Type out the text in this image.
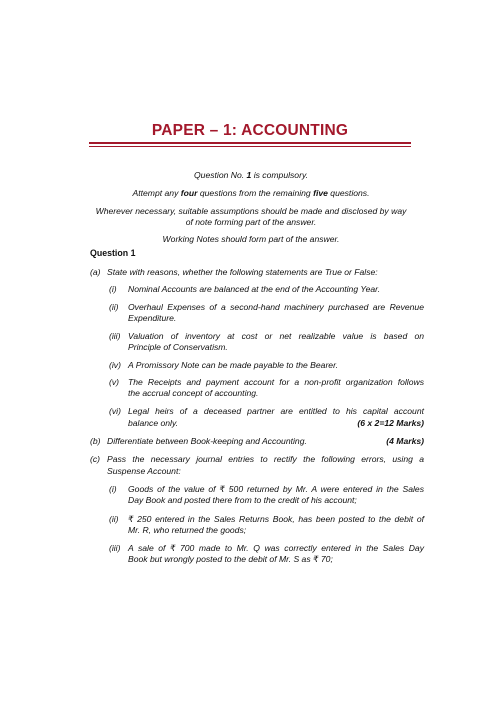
PAPER – 1: ACCOUNTING
Question No. 1 is compulsory.
Attempt any four questions from the remaining five questions.
Wherever necessary, suitable assumptions should be made and disclosed by way
of note forming part of the answer.
Working Notes should form part of the answer.
Question 1
(a) State with reasons, whether the following statements are True or False:
(i) Nominal Accounts are balanced at the end of the Accounting Year.
(ii) Overhaul Expenses of a second-hand machinery purchased are Revenue
Expenditure.
(iii) Valuation of inventory at cost or net realizable value is based on
Principle of Conservatism.
(iv) A Promissory Note can be made payable to the Bearer.
(v) The Receipts and payment account for a non-profit organization follows
the accrual concept of accounting.
(vi) Legal heirs of a deceased partner are entitled to his capital account
balance only.	(6 x 2=12 Marks)
(b) Differentiate between Book-keeping and Accounting.	(4 Marks)
(c) Pass the necessary journal entries to rectify the following errors, using a
Suspense Account:
(i) Goods of the value of ₹ 500 returned by Mr. A were entered in the Sales
Day Book and posted there from to the credit of his account;
(ii) ₹ 250 entered in the Sales Returns Book, has been posted to the debit of
Mr. R, who returned the goods;
(iii) A sale of ₹ 700 made to Mr. Q was correctly entered in the Sales Day
Book but wrongly posted to the debit of Mr. S as ₹ 70;
